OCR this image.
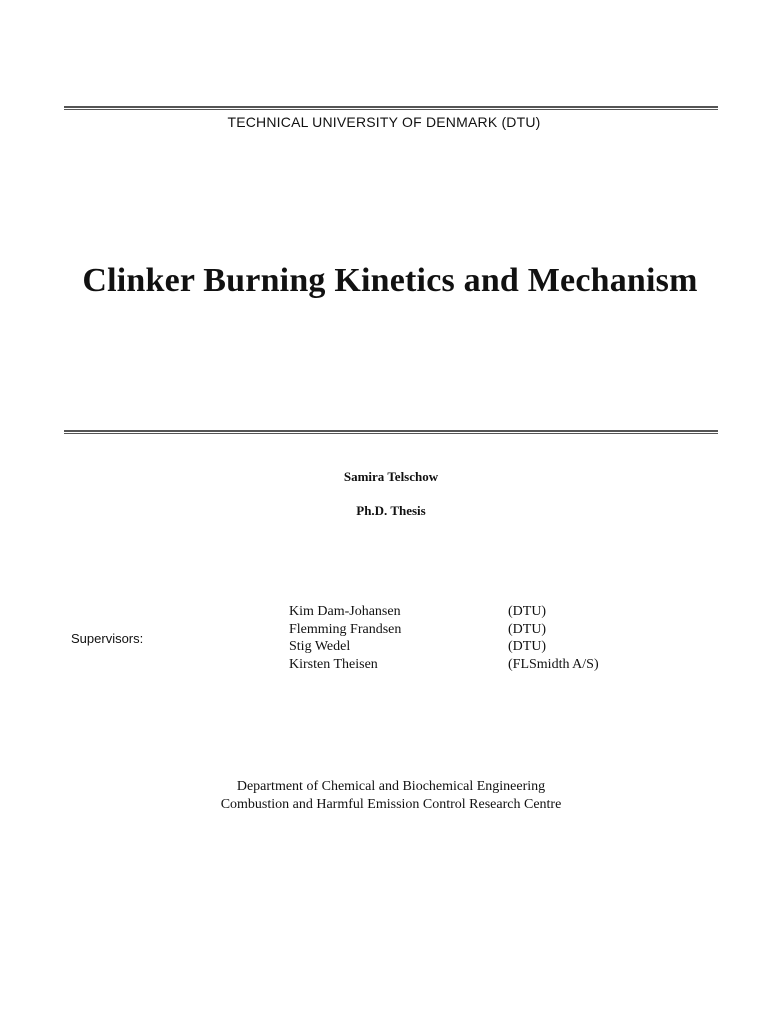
TECHNICAL UNIVERSITY OF DENMARK (DTU)
Clinker Burning Kinetics and Mechanism
Samira Telschow
Ph.D. Thesis
Supervisors:
Kim Dam-Johansen	(DTU)
Flemming Frandsen	(DTU)
Stig Wedel	(DTU)
Kirsten Theisen	(FLSmidth A/S)
Department of Chemical and Biochemical Engineering
Combustion and Harmful Emission Control Research Centre
